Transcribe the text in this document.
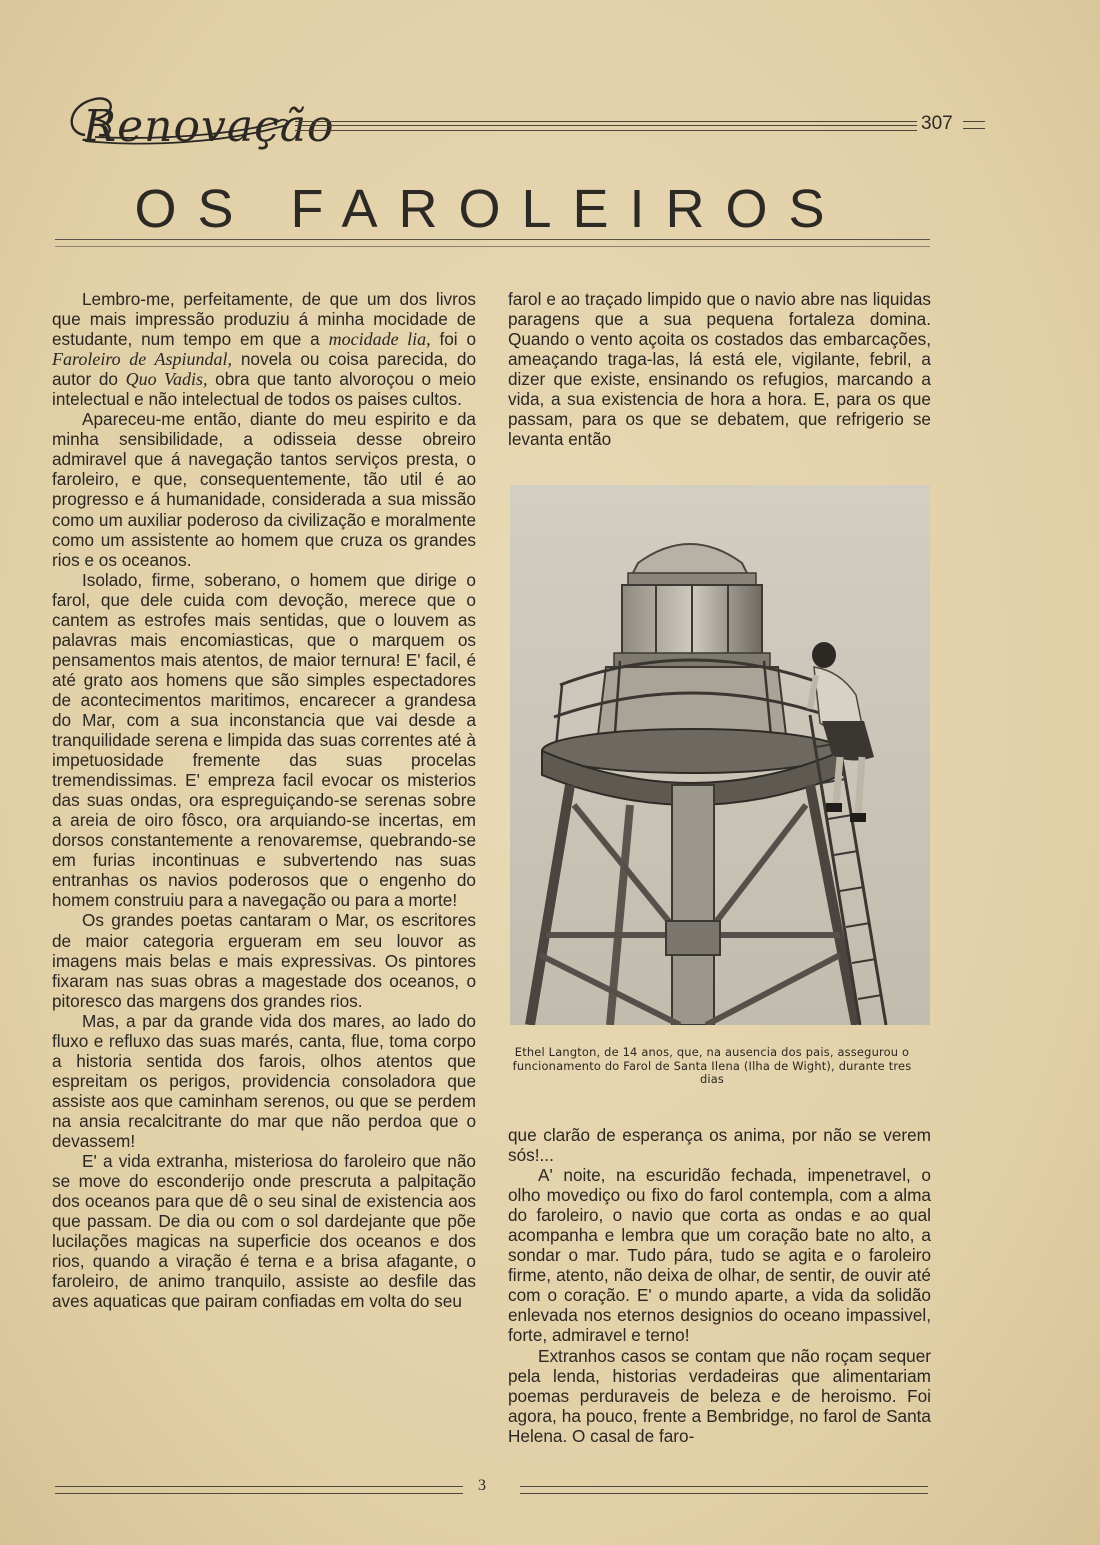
Renovação	307
OS FAROLEIROS

Lembro-me, perfeitamente, de que um dos livros que mais impressão produziu á minha mocidade de estudante, num tempo em que a mocidade lia, foi o Faroleiro de Aspiundal, novela ou coisa parecida, do autor do Quo Vadis, obra que tanto alvoroçou o meio intelectual e não intelectual de todos os paises cultos.

Apareceu-me então, diante do meu espirito e da minha sensibilidade, a odisseia desse obreiro admiravel que á navegação tantos serviços presta, o faroleiro, e que, consequentemente, tão util é ao progresso e á humanidade, considerada a sua missão como um auxiliar poderoso da civilização e moralmente como um assistente ao homem que cruza os grandes rios e os oceanos.

Isolado, firme, soberano, o homem que dirige o farol, que dele cuida com devoção, merece que o cantem as estrofes mais sentidas, que o louvem as palavras mais encomiasticas, que o marquem os pensamentos mais atentos, de maior ternura! E' facil, é até grato aos homens que são simples espectadores de acontecimentos maritimos, encarecer a grandesa do Mar, com a sua inconstancia que vai desde a tranquilidade serena e limpida das suas correntes até à impetuosidade fremente das suas procelas tremendissimas. E' empreza facil evocar os misterios das suas ondas, ora espreguiçando-se serenas sobre a areia de oiro fôsco, ora arquiando-se incertas, em dorsos constantemente a renovaremse, quebrando-se em furias incontinuas e subvertendo nas suas entranhas os navios poderosos que o engenho do homem construiu para a navegação ou para a morte!

Os grandes poetas cantaram o Mar, os escritores de maior categoria ergueram em seu louvor as imagens mais belas e mais expressivas. Os pintores fixaram nas suas obras a magestade dos oceanos, o pitoresco das margens dos grandes rios.

Mas, a par da grande vida dos mares, ao lado do fluxo e refluxo das suas marés, canta, flue, toma corpo a historia sentida dos farois, olhos atentos que espreitam os perigos, providencia consoladora que assiste aos que caminham serenos, ou que se perdem na ansia recalcitrante do mar que não perdoa que o devassem!

E' a vida extranha, misteriosa do faroleiro que não se move do esconderijo onde prescruta a palpitação dos oceanos para que dê o seu sinal de existencia aos que passam. De dia ou com o sol dardejante que põe lucilações magicas na superficie dos oceanos e dos rios, quando a viração é terna e a brisa afagante, o faroleiro, de animo tranquilo, assiste ao desfile das aves aquaticas que pairam confiadas em volta do seu

farol e ao traçado limpido que o navio abre nas liquidas paragens que a sua pequena fortaleza domina. Quando o vento açoita os costados das embarcações, ameaçando traga-las, lá está ele, vigilante, febril, a dizer que existe, ensinando os refugios, marcando a vida, a sua existencia de hora a hora. E, para os que passam, para os que se debatem, que refrigerio se levanta então

Ethel Langton, de 14 anos, que, na ausencia dos pais, assegurou o funcionamento do Farol de Santa Ilena (Ilha de Wight), durante tres dias

que clarão de esperança os anima, por não se verem sós!...

A' noite, na escuridão fechada, impenetravel, o olho movediço ou fixo do farol contempla, com a alma do faroleiro, o navio que corta as ondas e ao qual acompanha e lembra que um coração bate no alto, a sondar o mar. Tudo pára, tudo se agita e o faroleiro firme, atento, não deixa de olhar, de sentir, de ouvir até com o coração. E' o mundo aparte, a vida da solidão enlevada nos eternos designios do oceano impassivel, forte, admiravel e terno!

Extranhos casos se contam que não roçam sequer pela lenda, historias verdadeiras que alimentariam poemas perduraveis de beleza e de heroismo. Foi agora, ha pouco, frente a Bembridge, no farol de Santa Helena. O casal de faro-

3
